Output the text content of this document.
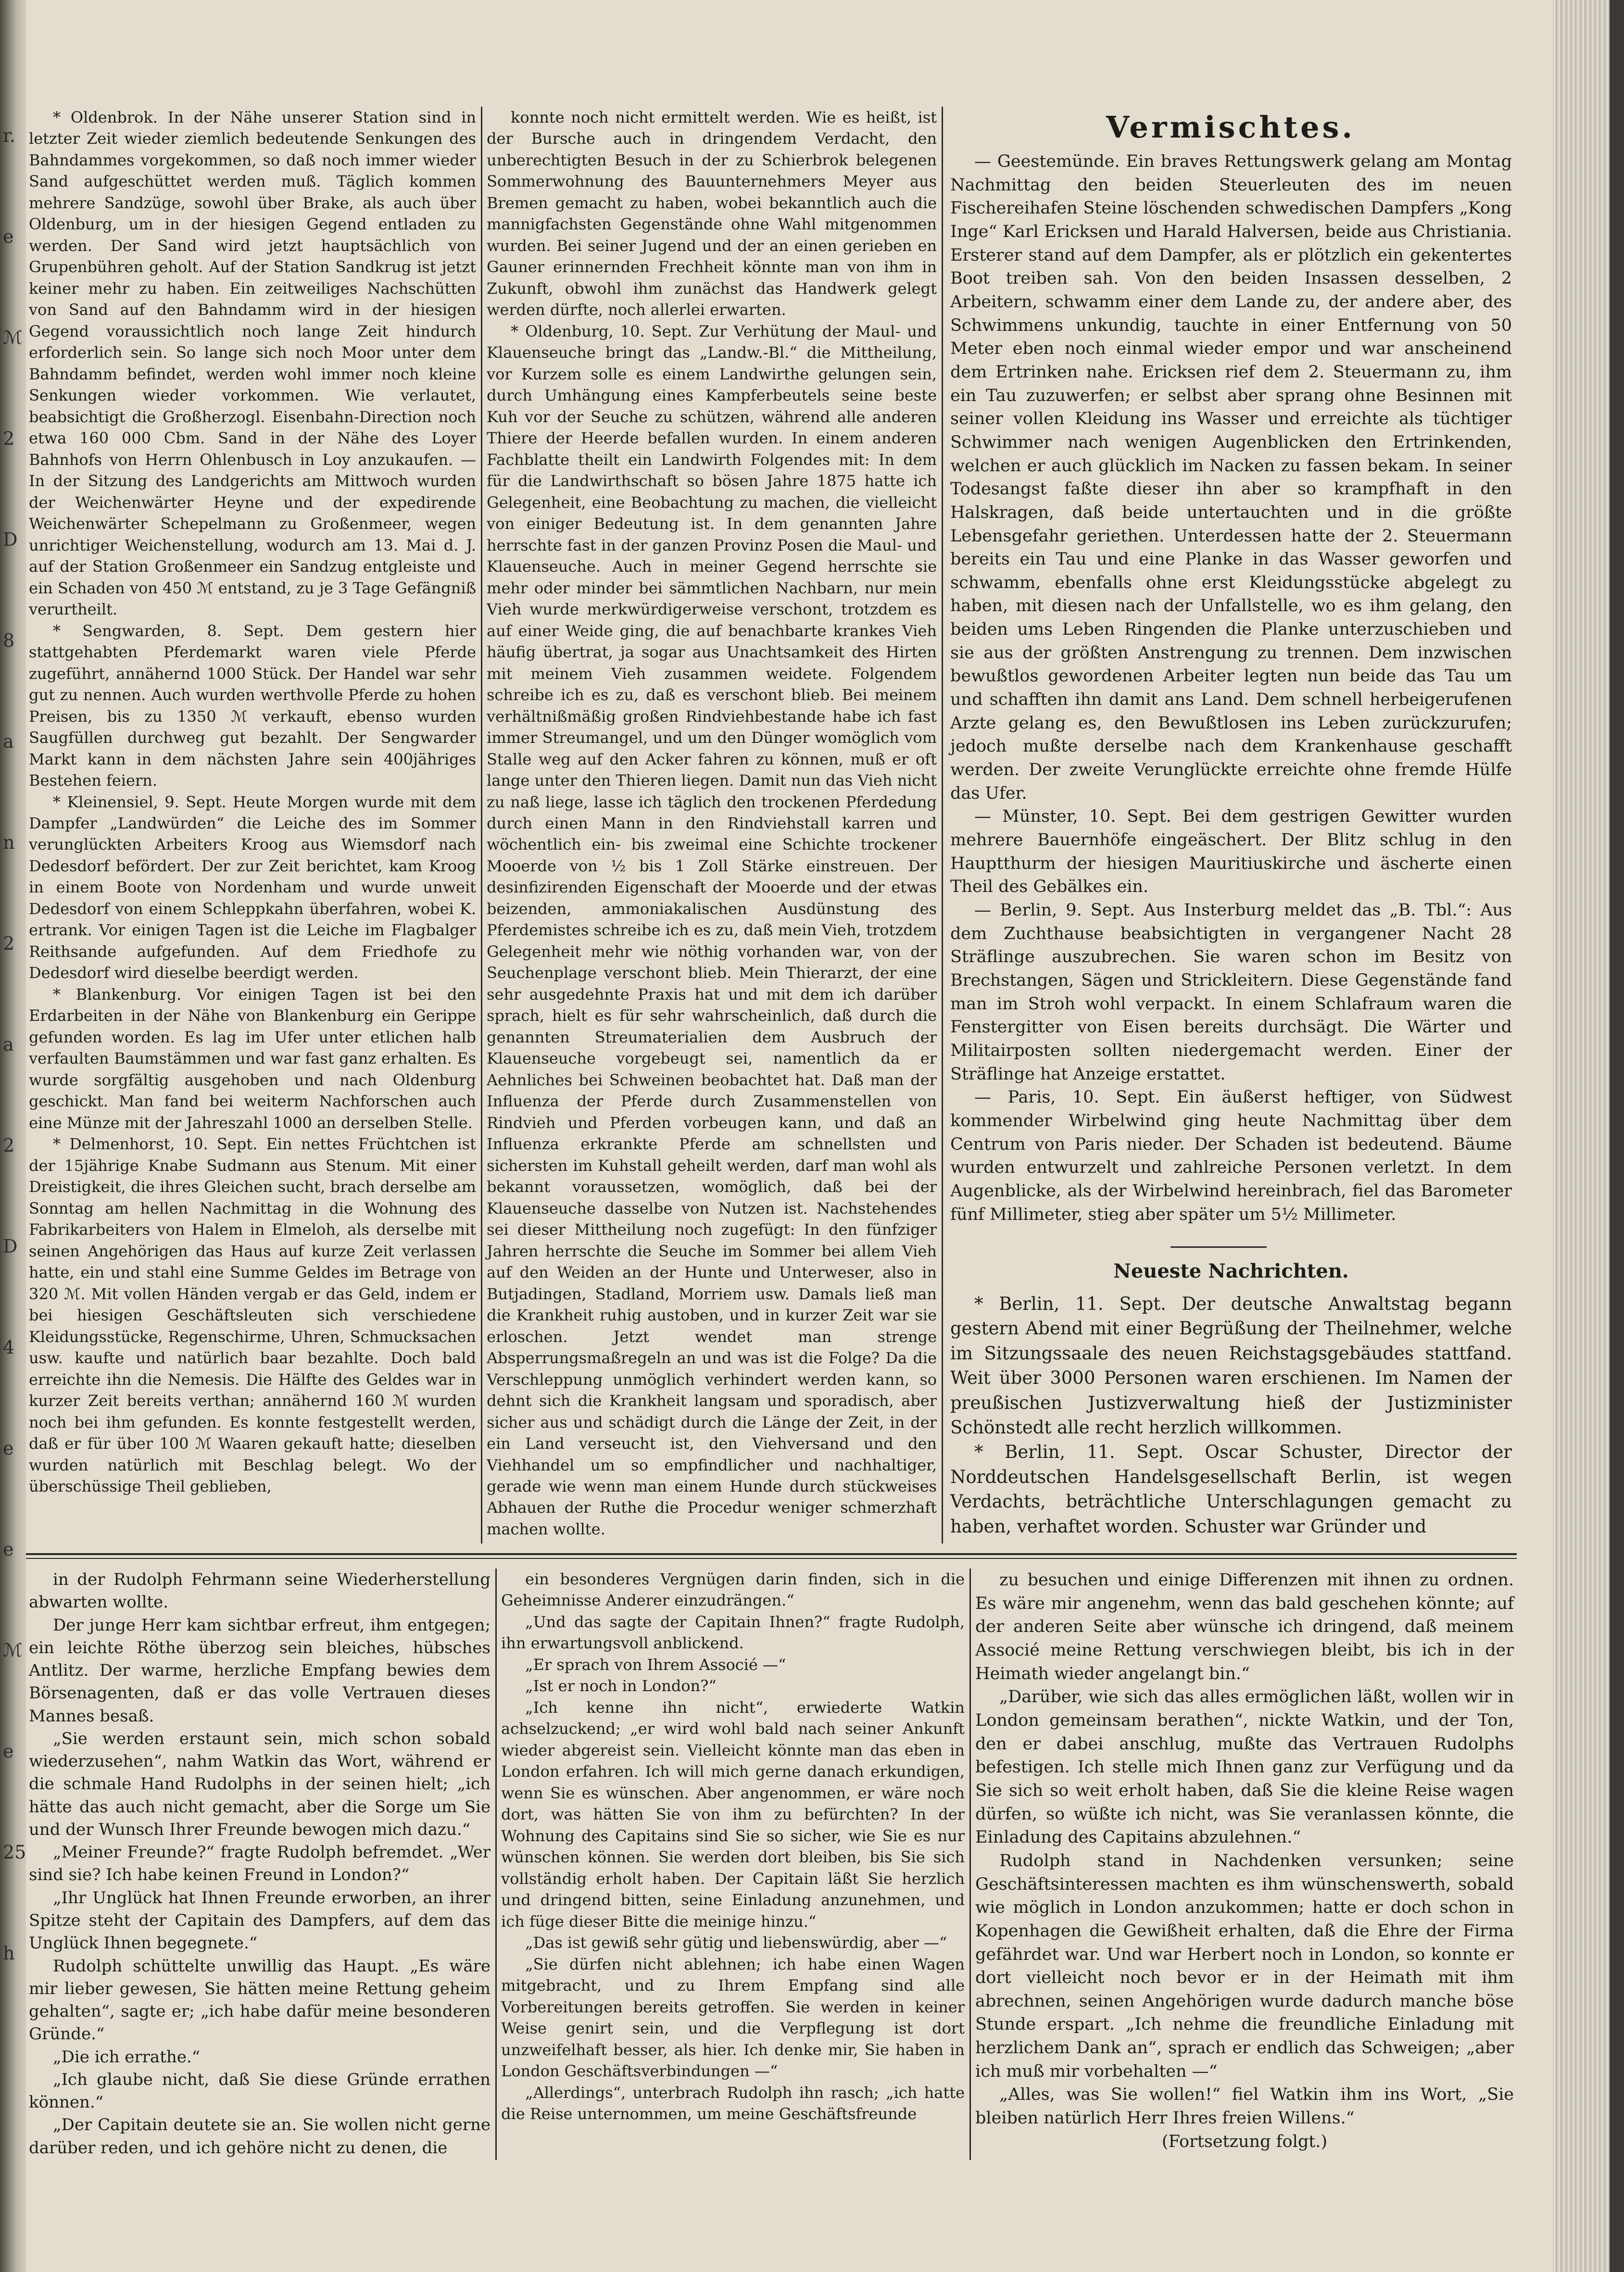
r.
e
ℳ
2
D
8
a
n
2
a
2
D
4
e
e
ℳ
e
25
h

* Oldenbrok. In der Nähe unserer Station sind in letzter Zeit wieder ziemlich bedeutende Senkungen des Bahndammes vorgekommen, so daß noch immer wieder Sand aufgeschüttet werden muß. Täglich kommen mehrere Sandzüge, sowohl über Brake, als auch über Oldenburg, um in der hiesigen Gegend entladen zu werden. Der Sand wird jetzt hauptsächlich von Grupenbühren geholt. Auf der Station Sandkrug ist jetzt keiner mehr zu haben. Ein zeitweiliges Nachschütten von Sand auf den Bahndamm wird in der hiesigen Gegend voraussichtlich noch lange Zeit hindurch erforderlich sein. So lange sich noch Moor unter dem Bahndamm befindet, werden wohl immer noch kleine Senkungen wieder vorkommen. Wie verlautet, beabsichtigt die Großherzogl. Eisenbahn-Direction noch etwa 160 000 Cbm. Sand in der Nähe des Loyer Bahnhofs von Herrn Ohlenbusch in Loy anzukaufen. — In der Sitzung des Landgerichts am Mittwoch wurden der Weichenwärter Heyne und der expedirende Weichenwärter Schepelmann zu Großenmeer, wegen unrichtiger Weichenstellung, wodurch am 13. Mai d. J. auf der Station Großenmeer ein Sandzug entgleiste und ein Schaden von 450 ℳ entstand, zu je 3 Tage Gefängniß verurtheilt.

* Sengwarden, 8. Sept. Dem gestern hier stattgehabten Pferdemarkt waren viele Pferde zugeführt, annähernd 1000 Stück. Der Handel war sehr gut zu nennen. Auch wurden werthvolle Pferde zu hohen Preisen, bis zu 1350 ℳ verkauft, ebenso wurden Saugfüllen durchweg gut bezahlt. Der Sengwarder Markt kann in dem nächsten Jahre sein 400jähriges Bestehen feiern.

* Kleinensiel, 9. Sept. Heute Morgen wurde mit dem Dampfer „Landwürden“ die Leiche des im Sommer verunglückten Arbeiters Kroog aus Wiemsdorf nach Dedesdorf befördert. Der zur Zeit berichtet, kam Kroog in einem Boote von Nordenham und wurde unweit Dedesdorf von einem Schleppkahn überfahren, wobei K. ertrank. Vor einigen Tagen ist die Leiche im Flagbalger Reithsande aufgefunden. Auf dem Friedhofe zu Dedesdorf wird dieselbe beerdigt werden.

* Blankenburg. Vor einigen Tagen ist bei den Erdarbeiten in der Nähe von Blankenburg ein Gerippe gefunden worden. Es lag im Ufer unter etlichen halb verfaulten Baumstämmen und war fast ganz erhalten. Es wurde sorgfältig ausgehoben und nach Oldenburg geschickt. Man fand bei weiterm Nachforschen auch eine Münze mit der Jahreszahl 1000 an derselben Stelle.

* Delmenhorst, 10. Sept. Ein nettes Früchtchen ist der 15jährige Knabe Sudmann aus Stenum. Mit einer Dreistigkeit, die ihres Gleichen sucht, brach derselbe am Sonntag am hellen Nachmittag in die Wohnung des Fabrikarbeiters von Halem in Elmeloh, als derselbe mit seinen Angehörigen das Haus auf kurze Zeit verlassen hatte, ein und stahl eine Summe Geldes im Betrage von 320 ℳ. Mit vollen Händen vergab er das Geld, indem er bei hiesigen Geschäftsleuten sich verschiedene Kleidungsstücke, Regenschirme, Uhren, Schmucksachen usw. kaufte und natürlich baar bezahlte. Doch bald erreichte ihn die Nemesis. Die Hälfte des Geldes war in kurzer Zeit bereits verthan; annähernd 160 ℳ wurden noch bei ihm gefunden. Es konnte festgestellt werden, daß er für über 100 ℳ Waaren gekauft hatte; dieselben wurden natürlich mit Beschlag belegt. Wo der überschüssige Theil geblieben,

konnte noch nicht ermittelt werden. Wie es heißt, ist der Bursche auch in dringendem Verdacht, den unberechtigten Besuch in der zu Schierbrok belegenen Sommerwohnung des Bauunternehmers Meyer aus Bremen gemacht zu haben, wobei bekanntlich auch die mannigfachsten Gegenstände ohne Wahl mitgenommen wurden. Bei seiner Jugend und der an einen gerieben en Gauner erinnernden Frechheit könnte man von ihm in Zukunft, obwohl ihm zunächst das Handwerk gelegt werden dürfte, noch allerlei erwarten.

* Oldenburg, 10. Sept. Zur Verhütung der Maul- und Klauenseuche bringt das „Landw.-Bl.“ die Mittheilung, vor Kurzem solle es einem Landwirthe gelungen sein, durch Umhängung eines Kampferbeutels seine beste Kuh vor der Seuche zu schützen, während alle anderen Thiere der Heerde befallen wurden. In einem anderen Fachblatte theilt ein Landwirth Folgendes mit: In dem für die Landwirthschaft so bösen Jahre 1875 hatte ich Gelegenheit, eine Beobachtung zu machen, die vielleicht von einiger Bedeutung ist. In dem genannten Jahre herrschte fast in der ganzen Provinz Posen die Maul- und Klauenseuche. Auch in meiner Gegend herrschte sie mehr oder minder bei sämmtlichen Nachbarn, nur mein Vieh wurde merkwürdigerweise verschont, trotzdem es auf einer Weide ging, die auf benachbarte krankes Vieh häufig übertrat, ja sogar aus Unachtsamkeit des Hirten mit meinem Vieh zusammen weidete. Folgendem schreibe ich es zu, daß es verschont blieb. Bei meinem verhältnißmäßig großen Rindviehbestande habe ich fast immer Streumangel, und um den Dünger womöglich vom Stalle weg auf den Acker fahren zu können, muß er oft lange unter den Thieren liegen. Damit nun das Vieh nicht zu naß liege, lasse ich täglich den trockenen Pferdedung durch einen Mann in den Rindviehstall karren und wöchentlich ein- bis zweimal eine Schichte trockener Mooerde von ½ bis 1 Zoll Stärke einstreuen. Der desinfizirenden Eigenschaft der Mooerde und der etwas beizenden, ammoniakalischen Ausdünstung des Pferdemistes schreibe ich es zu, daß mein Vieh, trotzdem Gelegenheit mehr wie nöthig vorhanden war, von der Seuchenplage verschont blieb. Mein Thierarzt, der eine sehr ausgedehnte Praxis hat und mit dem ich darüber sprach, hielt es für sehr wahrscheinlich, daß durch die genannten Streumaterialien dem Ausbruch der Klauenseuche vorgebeugt sei, namentlich da er Aehnliches bei Schweinen beobachtet hat. Daß man der Influenza der Pferde durch Zusammenstellen von Rindvieh und Pferden vorbeugen kann, und daß an Influenza erkrankte Pferde am schnellsten und sichersten im Kuhstall geheilt werden, darf man wohl als bekannt voraussetzen, womöglich, daß bei der Klauenseuche dasselbe von Nutzen ist. Nachstehendes sei dieser Mittheilung noch zugefügt: In den fünfziger Jahren herrschte die Seuche im Sommer bei allem Vieh auf den Weiden an der Hunte und Unterweser, also in Butjadingen, Stadland, Morriem usw. Damals ließ man die Krankheit ruhig austoben, und in kurzer Zeit war sie erloschen. Jetzt wendet man strenge Absperrungsmaßregeln an und was ist die Folge? Da die Verschleppung unmöglich verhindert werden kann, so dehnt sich die Krankheit langsam und sporadisch, aber sicher aus und schädigt durch die Länge der Zeit, in der ein Land verseucht ist, den Viehversand und den Viehhandel um so empfindlicher und nachhaltiger, gerade wie wenn man einem Hunde durch stückweises Abhauen der Ruthe die Procedur weniger schmerzhaft machen wollte.

Vermischtes.

— Geestemünde. Ein braves Rettungswerk gelang am Montag Nachmittag den beiden Steuerleuten des im neuen Fischereihafen Steine löschenden schwedischen Dampfers „Kong Inge“ Karl Ericksen und Harald Halversen, beide aus Christiania. Ersterer stand auf dem Dampfer, als er plötzlich ein gekentertes Boot treiben sah. Von den beiden Insassen desselben, 2 Arbeitern, schwamm einer dem Lande zu, der andere aber, des Schwimmens unkundig, tauchte in einer Entfernung von 50 Meter eben noch einmal wieder empor und war anscheinend dem Ertrinken nahe. Ericksen rief dem 2. Steuermann zu, ihm ein Tau zuzuwerfen; er selbst aber sprang ohne Besinnen mit seiner vollen Kleidung ins Wasser und erreichte als tüchtiger Schwimmer nach wenigen Augenblicken den Ertrinkenden, welchen er auch glücklich im Nacken zu fassen bekam. In seiner Todesangst faßte dieser ihn aber so krampfhaft in den Halskragen, daß beide untertauchten und in die größte Lebensgefahr geriethen. Unterdessen hatte der 2. Steuermann bereits ein Tau und eine Planke in das Wasser geworfen und schwamm, ebenfalls ohne erst Kleidungsstücke abgelegt zu haben, mit diesen nach der Unfallstelle, wo es ihm gelang, den beiden ums Leben Ringenden die Planke unterzuschieben und sie aus der größten Anstrengung zu trennen. Dem inzwischen bewußtlos gewordenen Arbeiter legten nun beide das Tau um und schafften ihn damit ans Land. Dem schnell herbeigerufenen Arzte gelang es, den Bewußtlosen ins Leben zurückzurufen; jedoch mußte derselbe nach dem Krankenhause geschafft werden. Der zweite Verunglückte erreichte ohne fremde Hülfe das Ufer.

— Münster, 10. Sept. Bei dem gestrigen Gewitter wurden mehrere Bauernhöfe eingeäschert. Der Blitz schlug in den Hauptthurm der hiesigen Mauritiuskirche und äscherte einen Theil des Gebälkes ein.

— Berlin, 9. Sept. Aus Insterburg meldet das „B. Tbl.“: Aus dem Zuchthause beabsichtigten in vergangener Nacht 28 Sträflinge auszubrechen. Sie waren schon im Besitz von Brechstangen, Sägen und Strickleitern. Diese Gegenstände fand man im Stroh wohl verpackt. In einem Schlafraum waren die Fenstergitter von Eisen bereits durchsägt. Die Wärter und Militairposten sollten niedergemacht werden. Einer der Sträflinge hat Anzeige erstattet.

— Paris, 10. Sept. Ein äußerst heftiger, von Südwest kommender Wirbelwind ging heute Nachmittag über dem Centrum von Paris nieder. Der Schaden ist bedeutend. Bäume wurden entwurzelt und zahlreiche Personen verletzt. In dem Augenblicke, als der Wirbelwind hereinbrach, fiel das Barometer fünf Millimeter, stieg aber später um 5½ Millimeter.

Neueste Nachrichten.

* Berlin, 11. Sept. Der deutsche Anwaltstag begann gestern Abend mit einer Begrüßung der Theilnehmer, welche im Sitzungssaale des neuen Reichstagsgebäudes stattfand. Weit über 3000 Personen waren erschienen. Im Namen der preußischen Justizverwaltung hieß der Justizminister Schönstedt alle recht herzlich willkommen.

* Berlin, 11. Sept. Oscar Schuster, Director der Norddeutschen Handelsgesellschaft Berlin, ist wegen Verdachts, beträchtliche Unterschlagungen gemacht zu haben, verhaftet worden. Schuster war Gründer und

in der Rudolph Fehrmann seine Wiederherstellung abwarten wollte.

Der junge Herr kam sichtbar erfreut, ihm entgegen; ein leichte Röthe überzog sein bleiches, hübsches Antlitz. Der warme, herzliche Empfang bewies dem Börsenagenten, daß er das volle Vertrauen dieses Mannes besaß.

„Sie werden erstaunt sein, mich schon sobald wiederzusehen“, nahm Watkin das Wort, während er die schmale Hand Rudolphs in der seinen hielt; „ich hätte das auch nicht gemacht, aber die Sorge um Sie und der Wunsch Ihrer Freunde bewogen mich dazu.“

„Meiner Freunde?“ fragte Rudolph befremdet. „Wer sind sie? Ich habe keinen Freund in London?“

„Ihr Unglück hat Ihnen Freunde erworben, an ihrer Spitze steht der Capitain des Dampfers, auf dem das Unglück Ihnen begegnete.“

Rudolph schüttelte unwillig das Haupt. „Es wäre mir lieber gewesen, Sie hätten meine Rettung geheim gehalten“, sagte er; „ich habe dafür meine besonderen Gründe.“

„Die ich errathe.“

„Ich glaube nicht, daß Sie diese Gründe errathen können.“

„Der Capitain deutete sie an. Sie wollen nicht gerne darüber reden, und ich gehöre nicht zu denen, die

ein besonderes Vergnügen darin finden, sich in die Geheimnisse Anderer einzudrängen.“

„Und das sagte der Capitain Ihnen?“ fragte Rudolph, ihn erwartungsvoll anblickend.

„Er sprach von Ihrem Associé —“

„Ist er noch in London?“

„Ich kenne ihn nicht“, erwiederte Watkin achselzuckend; „er wird wohl bald nach seiner Ankunft wieder abgereist sein. Vielleicht könnte man das eben in London erfahren. Ich will mich gerne danach erkundigen, wenn Sie es wünschen. Aber angenommen, er wäre noch dort, was hätten Sie von ihm zu befürchten? In der Wohnung des Capitains sind Sie so sicher, wie Sie es nur wünschen können. Sie werden dort bleiben, bis Sie sich vollständig erholt haben. Der Capitain läßt Sie herzlich und dringend bitten, seine Einladung anzunehmen, und ich füge dieser Bitte die meinige hinzu.“

„Das ist gewiß sehr gütig und liebenswürdig, aber —“

„Sie dürfen nicht ablehnen; ich habe einen Wagen mitgebracht, und zu Ihrem Empfang sind alle Vorbereitungen bereits getroffen. Sie werden in keiner Weise genirt sein, und die Verpflegung ist dort unzweifelhaft besser, als hier. Ich denke mir, Sie haben in London Geschäftsverbindungen —“

„Allerdings“, unterbrach Rudolph ihn rasch; „ich hatte die Reise unternommen, um meine Geschäftsfreunde

zu besuchen und einige Differenzen mit ihnen zu ordnen. Es wäre mir angenehm, wenn das bald geschehen könnte; auf der anderen Seite aber wünsche ich dringend, daß meinem Associé meine Rettung verschwiegen bleibt, bis ich in der Heimath wieder angelangt bin.“

„Darüber, wie sich das alles ermöglichen läßt, wollen wir in London gemeinsam berathen“, nickte Watkin, und der Ton, den er dabei anschlug, mußte das Vertrauen Rudolphs befestigen. Ich stelle mich Ihnen ganz zur Verfügung und da Sie sich so weit erholt haben, daß Sie die kleine Reise wagen dürfen, so wüßte ich nicht, was Sie veranlassen könnte, die Einladung des Capitains abzulehnen.“

Rudolph stand in Nachdenken versunken; seine Geschäftsinteressen machten es ihm wünschenswerth, sobald wie möglich in London anzukommen; hatte er doch schon in Kopenhagen die Gewißheit erhalten, daß die Ehre der Firma gefährdet war. Und war Herbert noch in London, so konnte er dort vielleicht noch bevor er in der Heimath mit ihm abrechnen, seinen Angehörigen wurde dadurch manche böse Stunde erspart. „Ich nehme die freundliche Einladung mit herzlichem Dank an“, sprach er endlich das Schweigen; „aber ich muß mir vorbehalten —“

„Alles, was Sie wollen!“ fiel Watkin ihm ins Wort, „Sie bleiben natürlich Herr Ihres freien Willens.“

(Fortsetzung folgt.)
